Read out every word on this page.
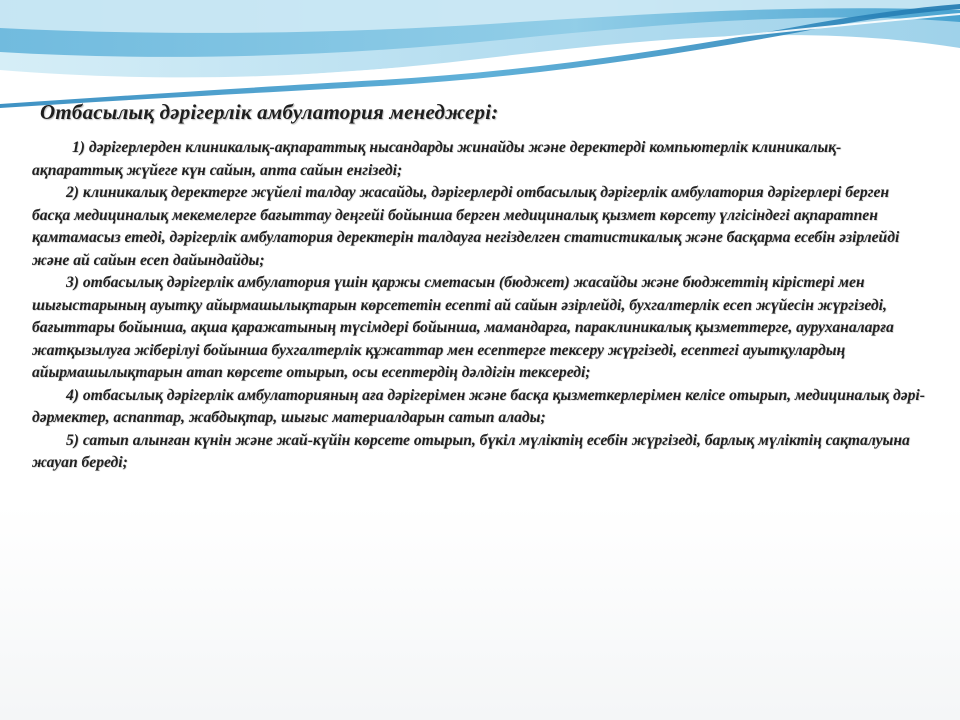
Отбасылық дәрігерлік амбулатория менеджері:

1) дәрігерлерден клиникалық-ақпараттық нысандарды жинайды және деректерді компьютерлік клиникалық-ақпараттық жүйеге күн сайын, апта сайын енгізеді;

2) клиникалық деректерге жүйелі талдау жасайды, дәрігерлерді отбасылық дәрігерлік амбулатория дәрігерлері берген басқа медициналық мекемелерге бағыттау деңгейі бойынша берген медициналық қызмет көрсету үлгісіндегі ақпаратпен қамтамасыз етеді, дәрігерлік амбулатория деректерін талдауға негізделген статистикалық және басқарма есебін әзірлейді және ай сайын есеп дайындайды;

3) отбасылық дәрігерлік амбулатория үшін қаржы сметасын (бюджет) жасайды және бюджеттің кірістері мен шығыстарының ауытқу айырмашылықтарын көрсететін есепті ай сайын әзірлейді, бухгалтерлік есеп жүйесін жүргізеді, бағыттары бойынша, ақша қаражатының түсімдері бойынша, мамандарға, параклиникалық қызметтерге, ауруханаларға жатқызылуға жіберілуі бойынша бухгалтерлік құжаттар мен есептерге тексеру жүргізеді, есептегі ауытқулардың айырмашылықтарын атап көрсете отырып, осы есептердің дәлдігін тексереді;

4) отбасылық дәрігерлік амбулаторияның аға дәрігерімен және басқа қызметкерлерімен келісе отырып, медициналық дәрі-дәрмектер, аспаптар, жабдықтар, шығыс материалдарын сатып алады;

5) сатып алынған күнін және жай-күйін көрсете отырып, бүкіл мүліктің есебін жүргізеді, барлық мүліктің сақталуына жауап береді;
